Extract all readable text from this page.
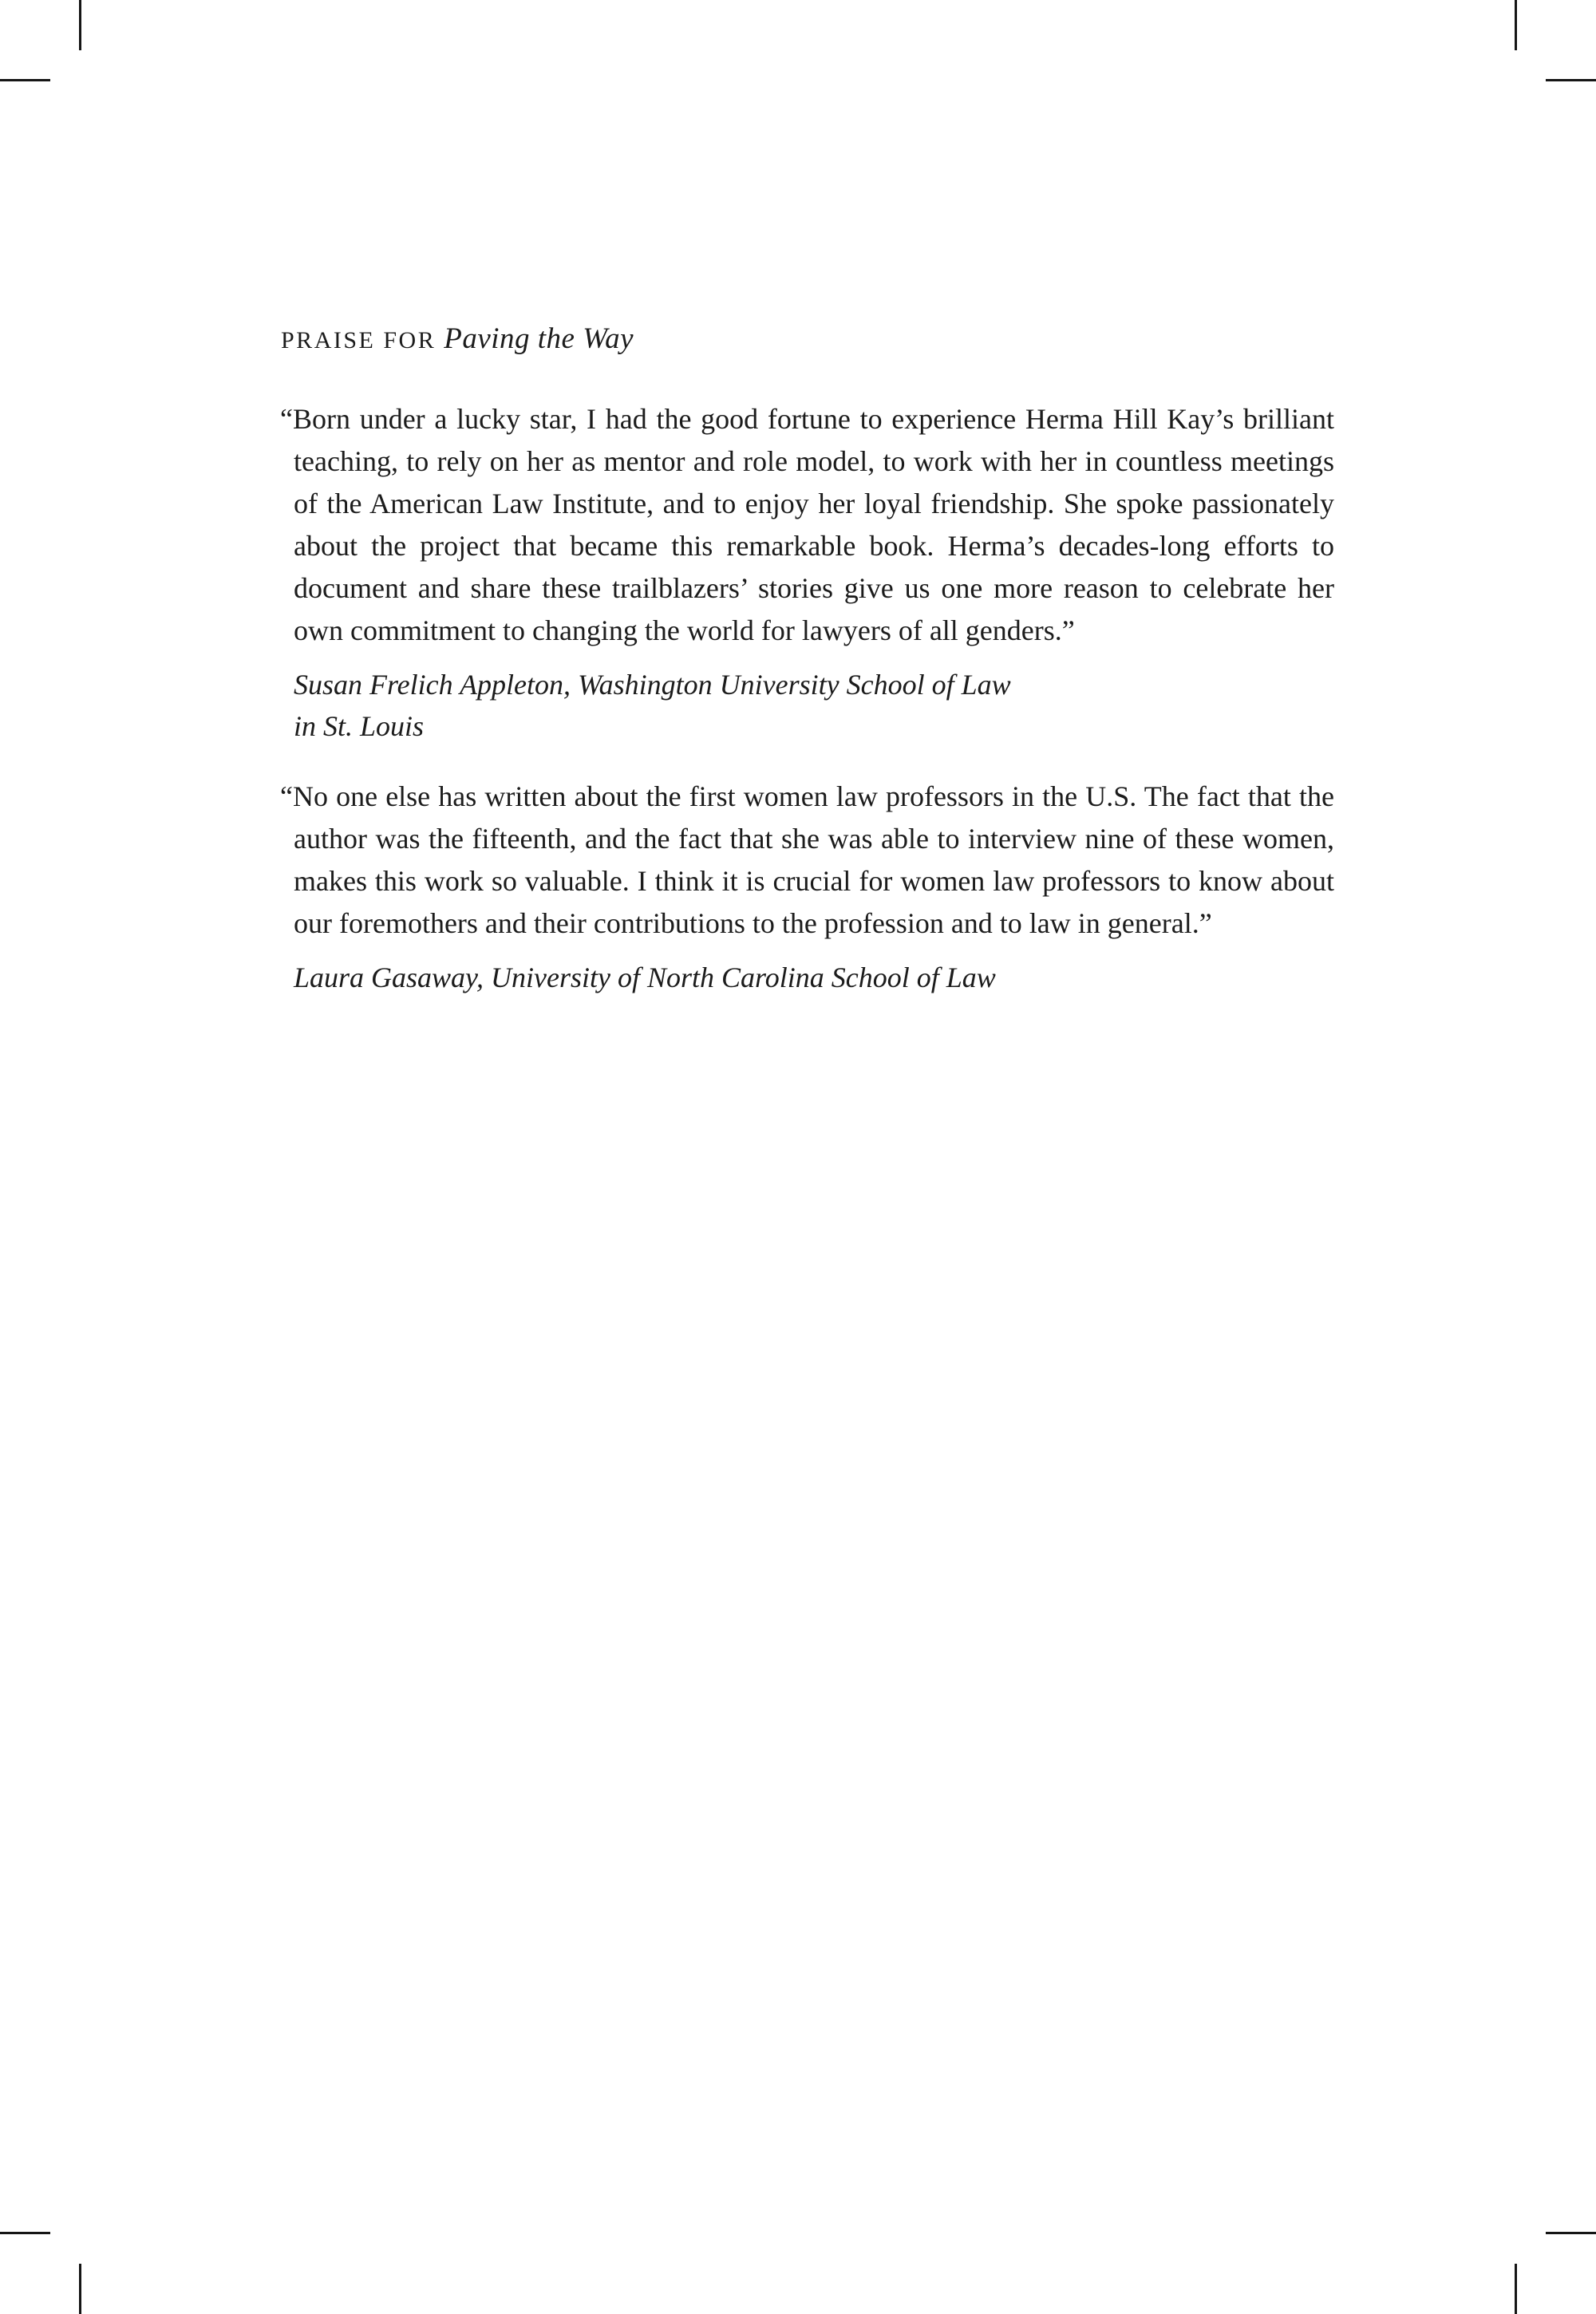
PRAISE FOR Paving the Way

“Born under a lucky star, I had the good fortune to experience Herma Hill Kay’s brilliant teaching, to rely on her as mentor and role model, to work with her in countless meetings of the American Law Institute, and to enjoy her loyal friendship. She spoke passionately about the project that became this remarkable book. Herma’s decades-long efforts to document and share these trailblazers’ stories give us one more reason to celebrate her own commitment to changing the world for lawyers of all genders.”

Susan Frelich Appleton, Washington University School of Law
in St. Louis

“No one else has written about the first women law professors in the U.S. The fact that the author was the fifteenth, and the fact that she was able to interview nine of these women, makes this work so valuable. I think it is crucial for women law professors to know about our foremothers and their contributions to the profession and to law in general.”

Laura Gasaway, University of North Carolina School of Law
